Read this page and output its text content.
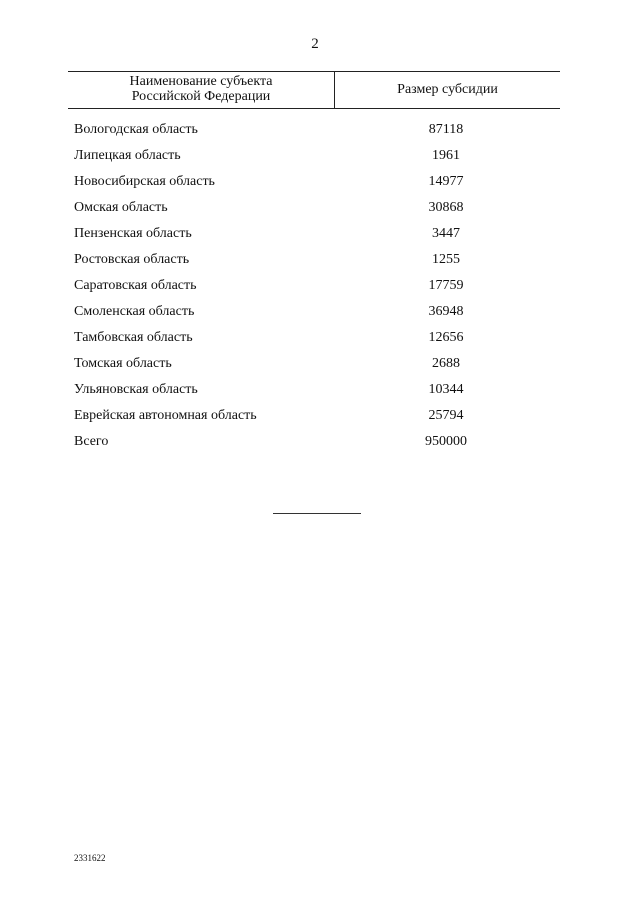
2
Наименование субъекта
Российской Федерации	Размер субсидии
Вологодская область	87118
Липецкая область	1961
Новосибирская область	14977
Омская область	30868
Пензенская область	3447
Ростовская область	1255
Саратовская область	17759
Смоленская область	36948
Тамбовская область	12656
Томская область	2688
Ульяновская область	10344
Еврейская автономная область	25794
Всего	950000
2331622
